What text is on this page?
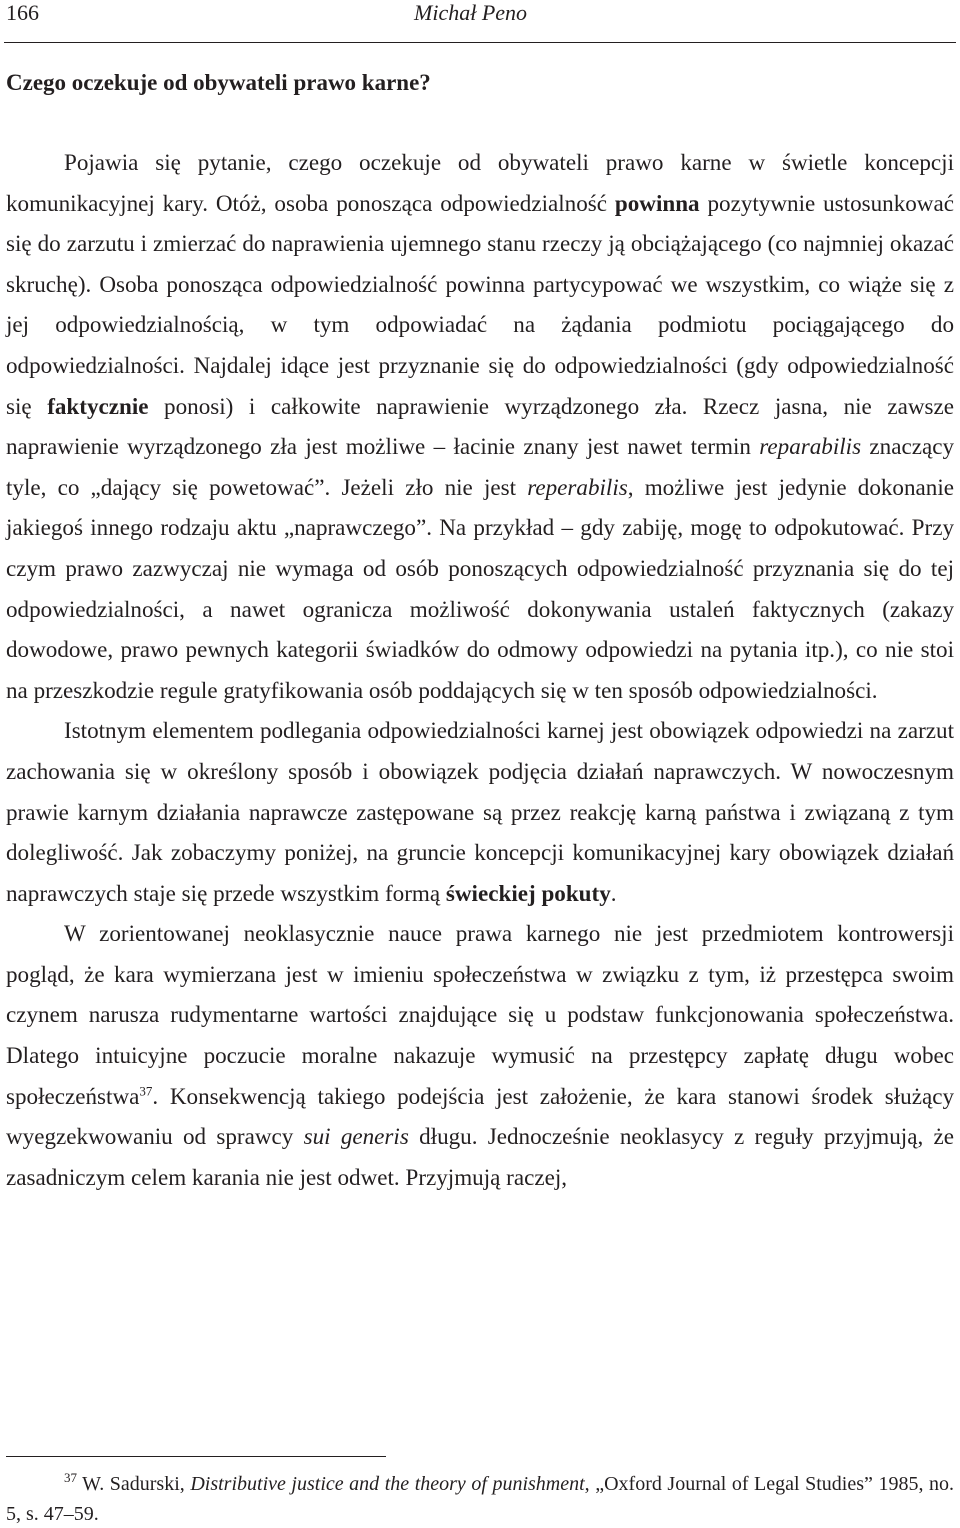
166	Michał Peno
Czego oczekuje od obywateli prawo karne?

Pojawia się pytanie, czego oczekuje od obywateli prawo karne w świetle koncepcji komunikacyjnej kary. Otóż, osoba ponosząca odpowiedzialność powinna pozytywnie ustosunkować się do zarzutu i zmierzać do naprawienia ujemnego stanu rzeczy ją obciążającego (co najmniej okazać skruchę). Osoba ponosząca odpowiedzialność powinna partycypować we wszystkim, co wiąże się z jej odpowiedzialnością, w tym odpowiadać na żądania podmiotu pociągającego do odpowiedzialności. Najdalej idące jest przyznanie się do odpowiedzialności (gdy odpowiedzialność się faktycznie ponosi) i całkowite naprawienie wyrządzonego zła. Rzecz jasna, nie zawsze naprawienie wyrządzonego zła jest możliwe – łacinie znany jest nawet termin reparabilis znaczący tyle, co „dający się powetować”. Jeżeli zło nie jest reperabilis, możliwe jest jedynie dokonanie jakiegoś innego rodzaju aktu „naprawczego”. Na przykład – gdy zabiję, mogę to odpokutować. Przy czym prawo zazwyczaj nie wymaga od osób ponoszących odpowiedzialność przyznania się do tej odpowiedzialności, a nawet ogranicza możliwość dokonywania ustaleń faktycznych (zakazy dowodowe, prawo pewnych kategorii świadków do odmowy odpowiedzi na pytania itp.), co nie stoi na przeszkodzie regule gratyfikowania osób poddających się w ten sposób odpowiedzialności.

Istotnym elementem podlegania odpowiedzialności karnej jest obowiązek odpowiedzi na zarzut zachowania się w określony sposób i obowiązek podjęcia działań naprawczych. W nowoczesnym prawie karnym działania naprawcze zastępowane są przez reakcję karną państwa i związaną z tym dolegliwość. Jak zobaczymy poniżej, na gruncie koncepcji komunikacyjnej kary obowiązek działań naprawczych staje się przede wszystkim formą świeckiej pokuty.

W zorientowanej neoklasycznie nauce prawa karnego nie jest przedmiotem kontrowersji pogląd, że kara wymierzana jest w imieniu społeczeństwa w związku z tym, iż przestępca swoim czynem narusza rudymentarne wartości znajdujące się u podstaw funkcjonowania społeczeństwa. Dlatego intuicyjne poczucie moralne nakazuje wymusić na przestępcy zapłatę długu wobec społeczeństwa$^{37}$. Konsekwencją takiego podejścia jest założenie, że kara stanowi środek służący wyegzekwowaniu od sprawcy sui generis długu. Jednocześnie neoklasycy z reguły przyjmują, że zasadniczym celem karania nie jest odwet. Przyjmują raczej,

$^{37}$ W. Sadurski, Distributive justice and the theory of punishment, „Oxford Journal of Legal Studies” 1985, no. 5, s. 47–59.
